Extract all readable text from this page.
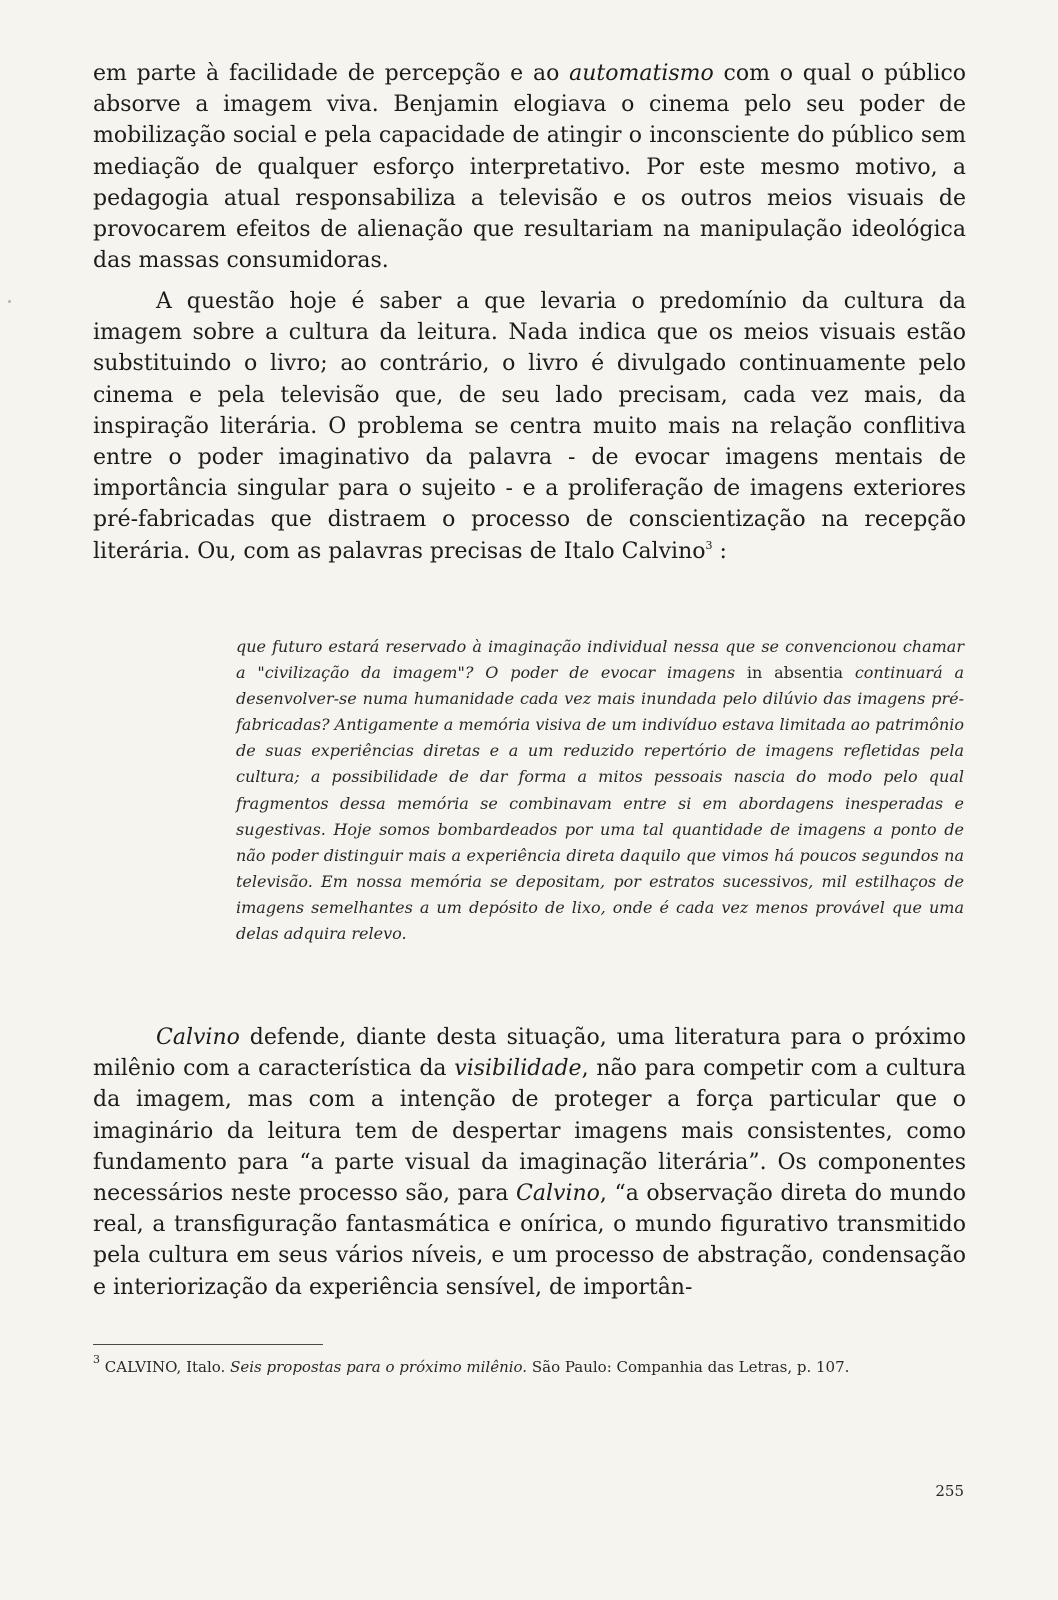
em parte à facilidade de percepção e ao automatismo com o qual o público absorve a imagem viva. Benjamin elogiava o cinema pelo seu poder de mobilização social e pela capacidade de atingir o inconsciente do público sem mediação de qualquer esforço interpretativo. Por este mesmo motivo, a pedagogia atual responsabiliza a televisão e os outros meios visuais de provocarem efeitos de alienação que resultariam na manipulação ideológica das massas consumidoras.

A questão hoje é saber a que levaria o predomínio da cultura da imagem sobre a cultura da leitura. Nada indica que os meios visuais estão substituindo o livro; ao contrário, o livro é divulgado continuamente pelo cinema e pela televisão que, de seu lado precisam, cada vez mais, da inspiração literária. O problema se centra muito mais na relação conflitiva entre o poder imaginativo da palavra - de evocar imagens mentais de importância singular para o sujeito - e a proliferação de imagens exteriores pré-fabricadas que distraem o processo de conscientização na recepção literária. Ou, com as palavras precisas de Italo Calvino$^3$ :

que futuro estará reservado à imaginação individual nessa que se convencionou chamar a "civilização da imagem"? O poder de evocar imagens in absentia continuará a desenvolver-se numa humanidade cada vez mais inundada pelo dilúvio das imagens pré-fabricadas? Antigamente a memória visiva de um indivíduo estava limitada ao patrimônio de suas experiências diretas e a um reduzido repertório de imagens refletidas pela cultura; a possibilidade de dar forma a mitos pessoais nascia do modo pelo qual fragmentos dessa memória se combinavam entre si em abordagens inesperadas e sugestivas. Hoje somos bombardeados por uma tal quantidade de imagens a ponto de não poder distinguir mais a experiência direta daquilo que vimos há poucos segundos na televisão. Em nossa memória se depositam, por estratos sucessivos, mil estilhaços de imagens semelhantes a um depósito de lixo, onde é cada vez menos provável que uma delas adquira relevo.

Calvino defende, diante desta situação, uma literatura para o próximo milênio com a característica da visibilidade, não para competir com a cultura da imagem, mas com a intenção de proteger a força particular que o imaginário da leitura tem de despertar imagens mais consistentes, como fundamento para “a parte visual da imaginação literária”. Os componentes necessários neste processo são, para Calvino, “a observação direta do mundo real, a transfiguração fantasmática e onírica, o mundo figurativo transmitido pela cultura em seus vários níveis, e um processo de abstração, condensação e interiorização da experiência sensível, de importân-

$^3$ CALVINO, Italo. Seis propostas para o próximo milênio. São Paulo: Companhia das Letras, p. 107.

255
